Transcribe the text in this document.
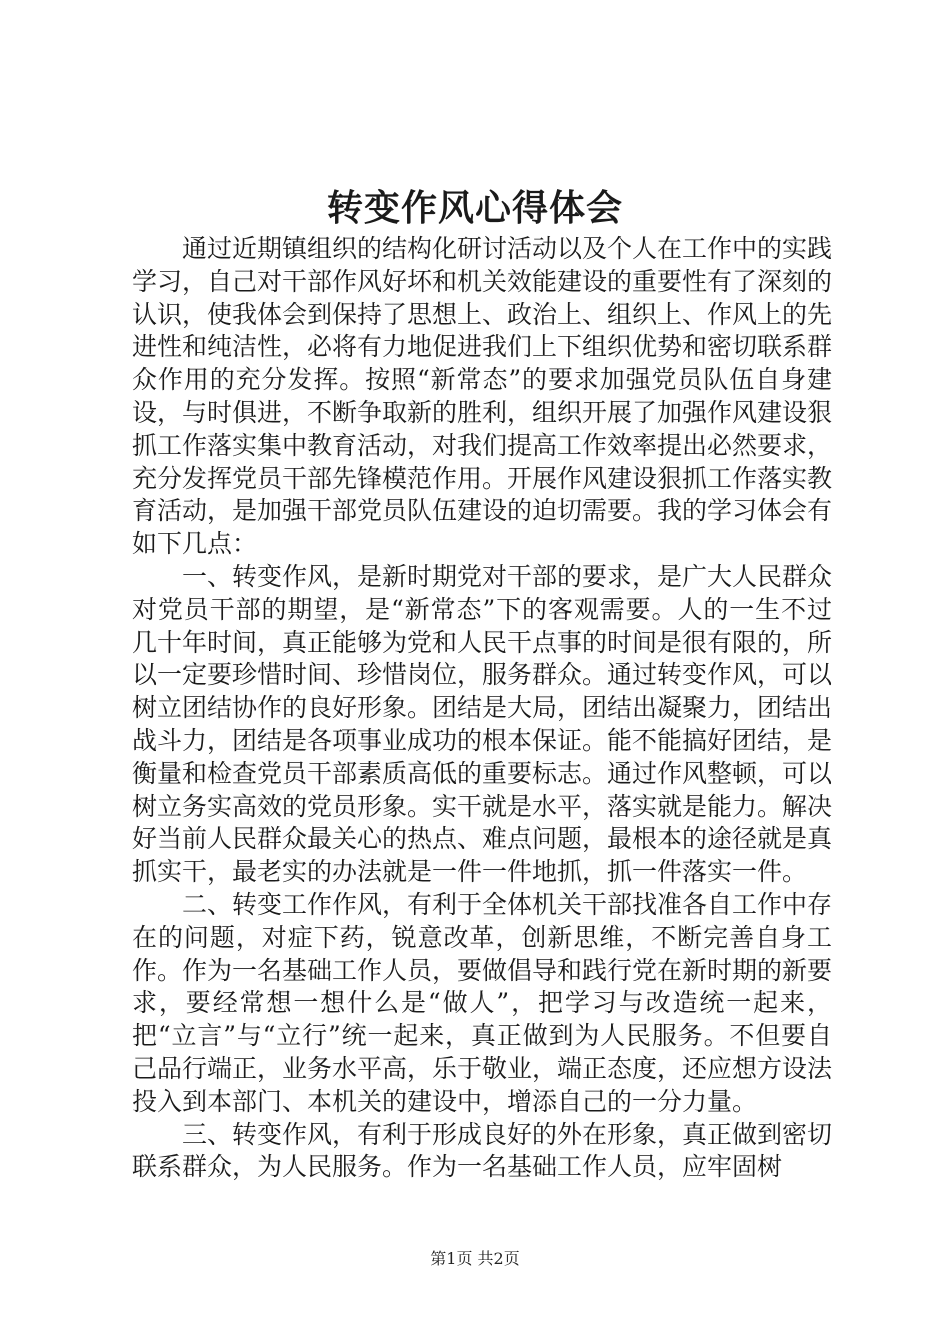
转变作风心得体会

通过近期镇组织的结构化研讨活动以及个人在工作中的实践学习，自己对干部作风好坏和机关效能建设的重要性有了深刻的认识，使我体会到保持了思想上、政治上、组织上、作风上的先进性和纯洁性，必将有力地促进我们上下组织优势和密切联系群众作用的充分发挥。按照“新常态”的要求加强党员队伍自身建设，与时俱进，不断争取新的胜利，组织开展了加强作风建设狠抓工作落实集中教育活动，对我们提高工作效率提出必然要求，充分发挥党员干部先锋模范作用。开展作风建设狠抓工作落实教育活动，是加强干部党员队伍建设的迫切需要。我的学习体会有如下几点：

一、转变作风，是新时期党对干部的要求，是广大人民群众对党员干部的期望，是“新常态”下的客观需要。人的一生不过几十年时间，真正能够为党和人民干点事的时间是很有限的，所以一定要珍惜时间、珍惜岗位，服务群众。通过转变作风，可以树立团结协作的良好形象。团结是大局，团结出凝聚力，团结出战斗力，团结是各项事业成功的根本保证。能不能搞好团结，是衡量和检查党员干部素质高低的重要标志。通过作风整顿，可以树立务实高效的党员形象。实干就是水平，落实就是能力。解决好当前人民群众最关心的热点、难点问题，最根本的途径就是真抓实干，最老实的办法就是一件一件地抓，抓一件落实一件。

二、转变工作作风，有利于全体机关干部找准各自工作中存在的问题，对症下药，锐意改革，创新思维，不断完善自身工作。作为一名基础工作人员，要做倡导和践行党在新时期的新要求，要经常想一想什么是“做人”，把学习与改造统一起来，把“立言”与“立行”统一起来，真正做到为人民服务。不但要自己品行端正，业务水平高，乐于敬业，端正态度，还应想方设法投入到本部门、本机关的建设中，增添自己的一分力量。

三、转变作风，有利于形成良好的外在形象，真正做到密切联系群众，为人民服务。作为一名基础工作人员，应牢固树

第1页 共2页
